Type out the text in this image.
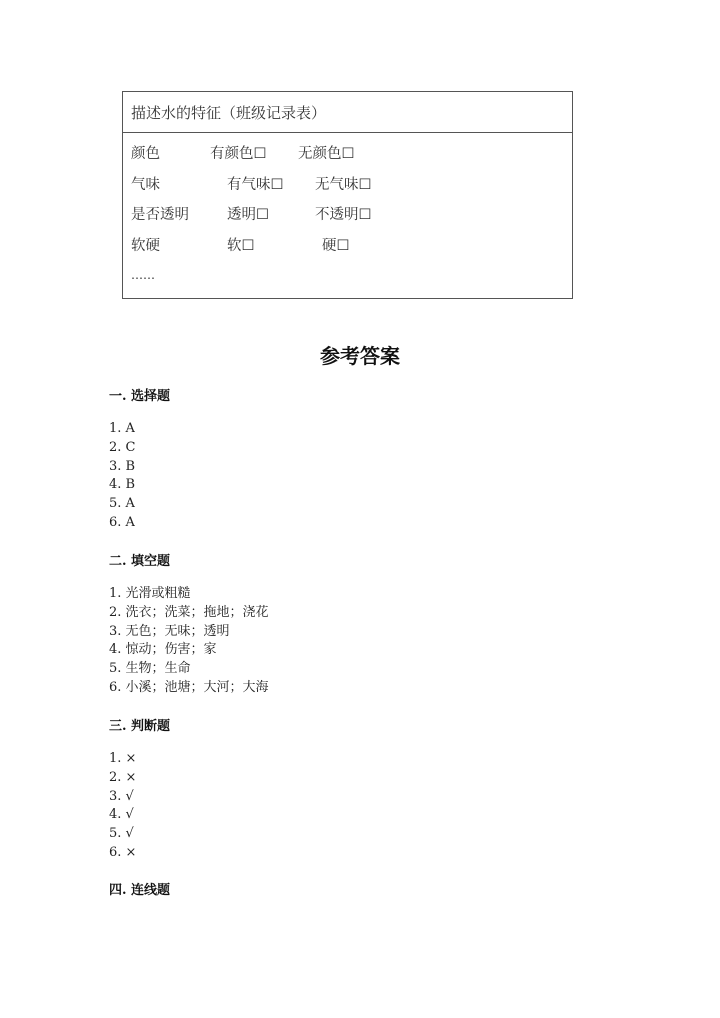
描述水的特征（班级记录表）
颜色	有颜色☐ 无颜色☐
气味	有气味☐ 无气味☐
是否透明	透明☐	不透明☐
软硬	软☐	硬☐
……
参考答案
一. 选择题
1. A
2. C
3. B
4. B
5. A
6. A
二. 填空题
1. 光滑或粗糙
2. 洗衣；洗菜；拖地；浇花
3. 无色；无味；透明
4. 惊动；伤害；家
5. 生物；生命
6. 小溪；池塘；大河；大海
三. 判断题
1. ×
2. ×
3. √
4. √
5. √
6. ×
四. 连线题
